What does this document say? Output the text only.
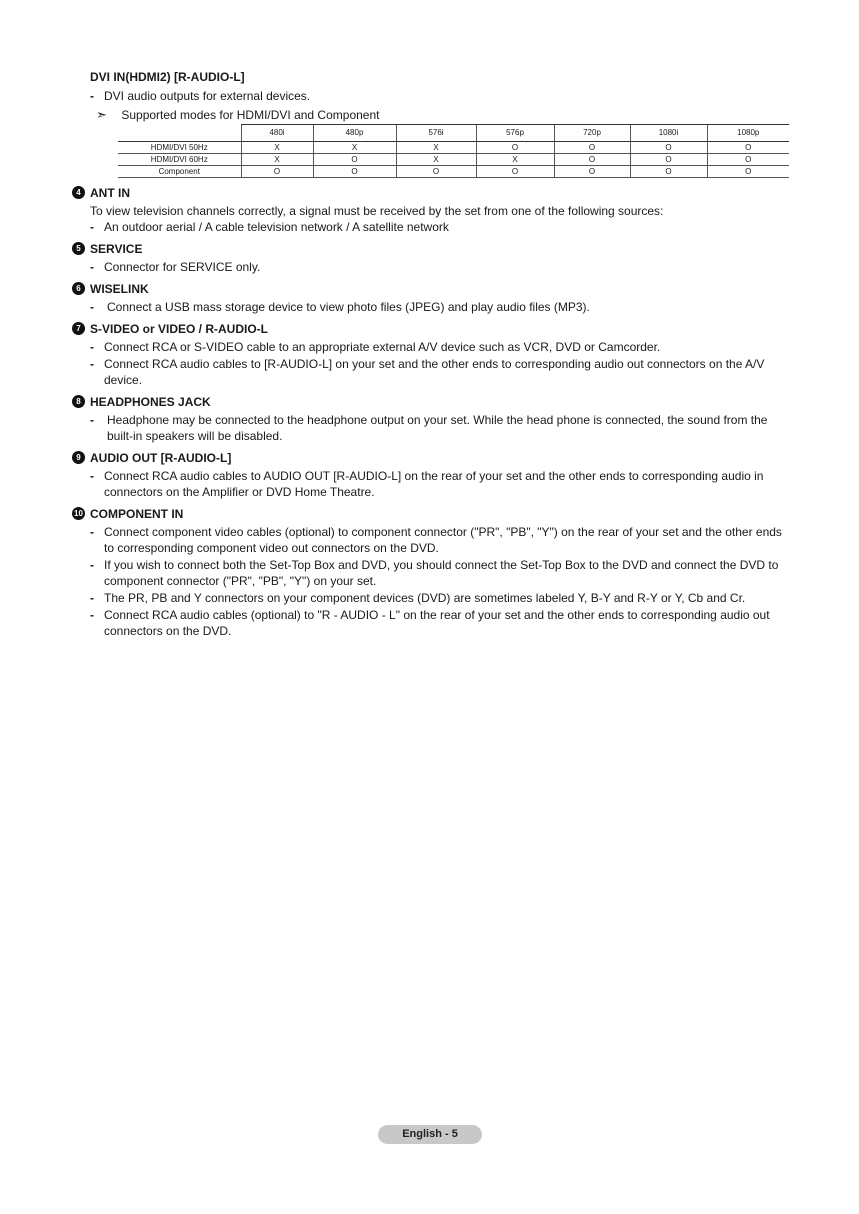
DVI IN(HDMI2) [R-AUDIO-L]
- DVI audio outputs for external devices.
➣ Supported modes for HDMI/DVI and Component
	480i	480p	576i	576p	720p	1080i	1080p
HDMI/DVI 50Hz	X	X	X	O	O	O	O
HDMI/DVI 60Hz	X	O	X	X	O	O	O
Component	O	O	O	O	O	O	O
4 ANT IN
To view television channels correctly, a signal must be received by the set from one of the following sources:
- An outdoor aerial / A cable television network / A satellite network
5 SERVICE
- Connector for SERVICE only.
6 WISELINK
- Connect a USB mass storage device to view photo files (JPEG) and play audio files (MP3).
7 S-VIDEO or VIDEO / R-AUDIO-L
- Connect RCA or S-VIDEO cable to an appropriate external A/V device such as VCR, DVD or Camcorder.
- Connect RCA audio cables to [R-AUDIO-L] on your set and the other ends to corresponding audio out connectors on the A/V device.
8 HEADPHONES JACK
- Headphone may be connected to the headphone output on your set. While the head phone is connected, the sound from the built-in speakers will be disabled.
9 AUDIO OUT [R-AUDIO-L]
- Connect RCA audio cables to AUDIO OUT [R-AUDIO-L] on the rear of your set and the other ends to corresponding audio in connectors on the Amplifier or DVD Home Theatre.
10 COMPONENT IN
- Connect component video cables (optional) to component connector ("PR", "PB", "Y") on the rear of your set and the other ends to corresponding component video out connectors on the DVD.
- If you wish to connect both the Set-Top Box and DVD, you should connect the Set-Top Box to the DVD and connect the DVD to component connector ("PR", "PB", "Y") on your set.
- The PR, PB and Y connectors on your component devices (DVD) are sometimes labeled Y, B-Y and R-Y or Y, Cb and Cr.
- Connect RCA audio cables (optional) to "R - AUDIO - L" on the rear of your set and the other ends to corresponding audio out connectors on the DVD.
English - 5
